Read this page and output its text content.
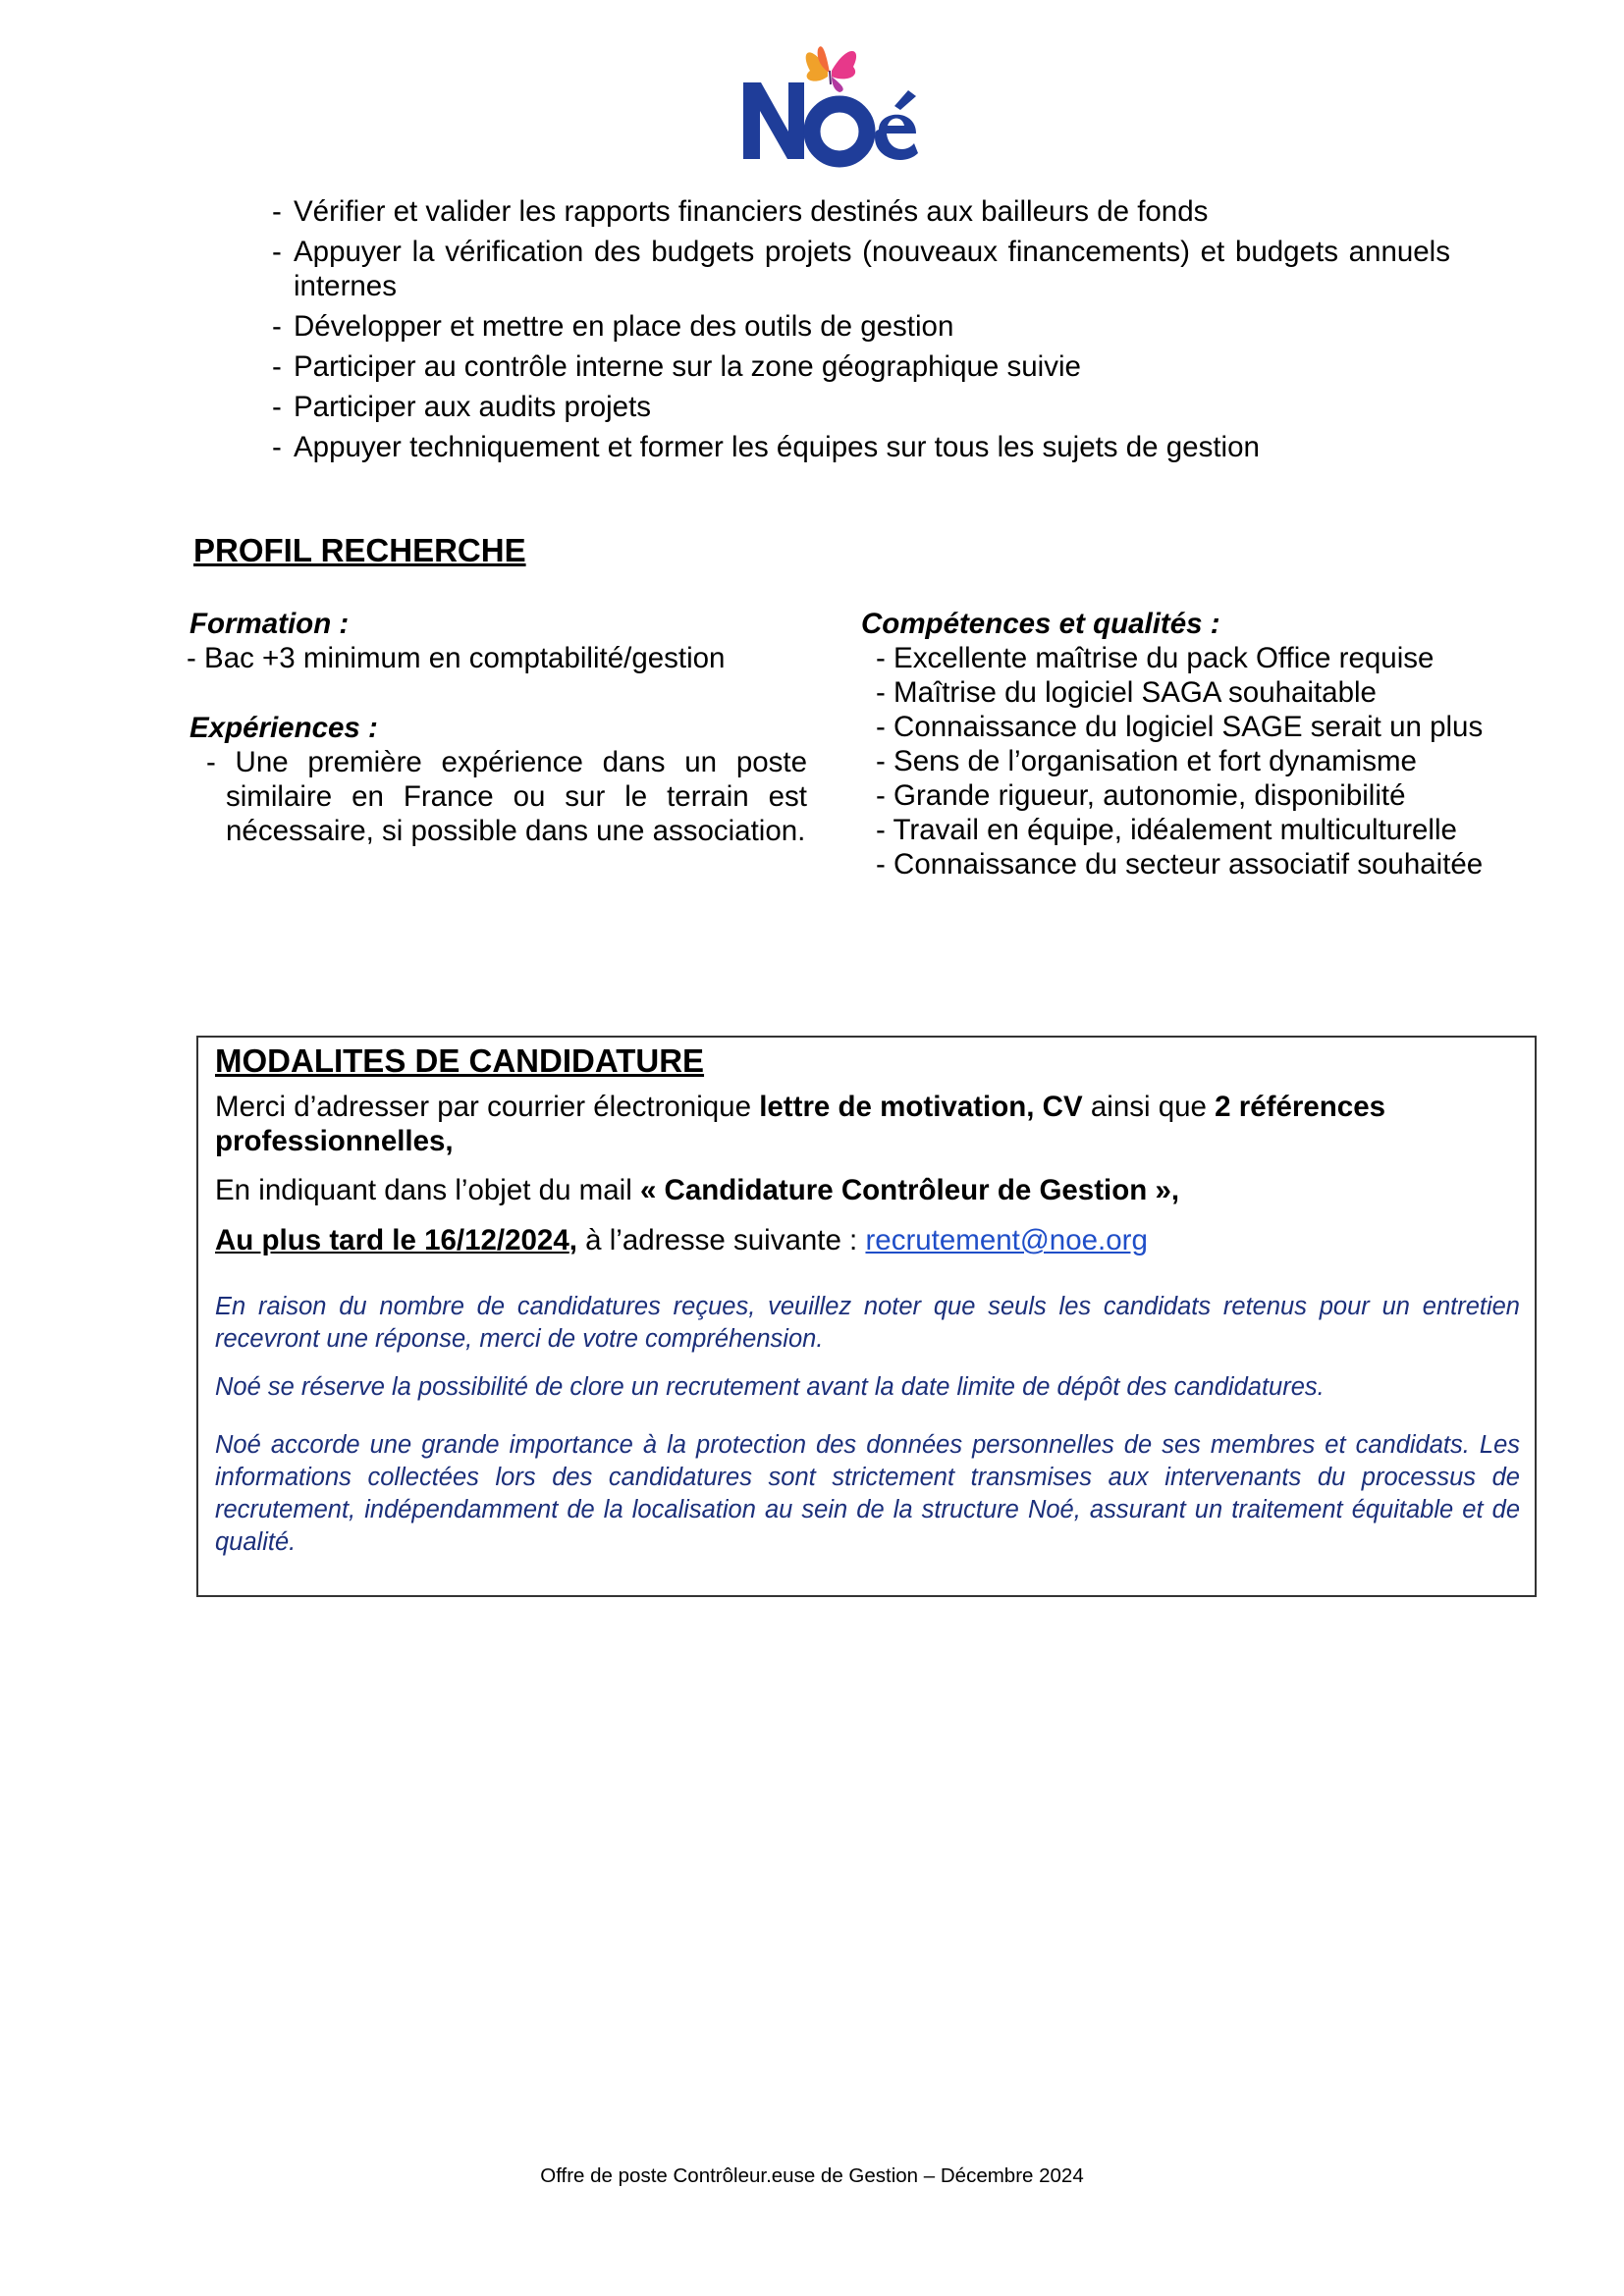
- Vérifier et valider les rapports financiers destinés aux bailleurs de fonds
- Appuyer la vérification des budgets projets (nouveaux financements) et budgets annuels internes
- Développer et mettre en place des outils de gestion
- Participer au contrôle interne sur la zone géographique suivie
- Participer aux audits projets
- Appuyer techniquement et former les équipes sur tous les sujets de gestion
PROFIL RECHERCHE
Formation :
- Bac +3 minimum en comptabilité/gestion
Expériences :
- Une première expérience dans un poste similaire en France ou sur le terrain est nécessaire, si possible dans une association.
Compétences et qualités :
- Excellente maîtrise du pack Office requise
- Maîtrise du logiciel SAGA souhaitable
- Connaissance du logiciel SAGE serait un plus
- Sens de l’organisation et fort dynamisme
- Grande rigueur, autonomie, disponibilité
- Travail en équipe, idéalement multiculturelle
- Connaissance du secteur associatif souhaitée
MODALITES DE CANDIDATURE

Merci d’adresser par courrier électronique lettre de motivation, CV ainsi que 2 références professionnelles,

En indiquant dans l’objet du mail « Candidature Contrôleur de Gestion »,

Au plus tard le 16/12/2024, à l’adresse suivante : recrutement@noe.org

En raison du nombre de candidatures reçues, veuillez noter que seuls les candidats retenus pour un entretien recevront une réponse, merci de votre compréhension.

Noé se réserve la possibilité de clore un recrutement avant la date limite de dépôt des candidatures.

Noé accorde une grande importance à la protection des données personnelles de ses membres et candidats. Les informations collectées lors des candidatures sont strictement transmises aux intervenants du processus de recrutement, indépendamment de la localisation au sein de la structure Noé, assurant un traitement équitable et de qualité.

Offre de poste Contrôleur.euse de Gestion – Décembre 2024
